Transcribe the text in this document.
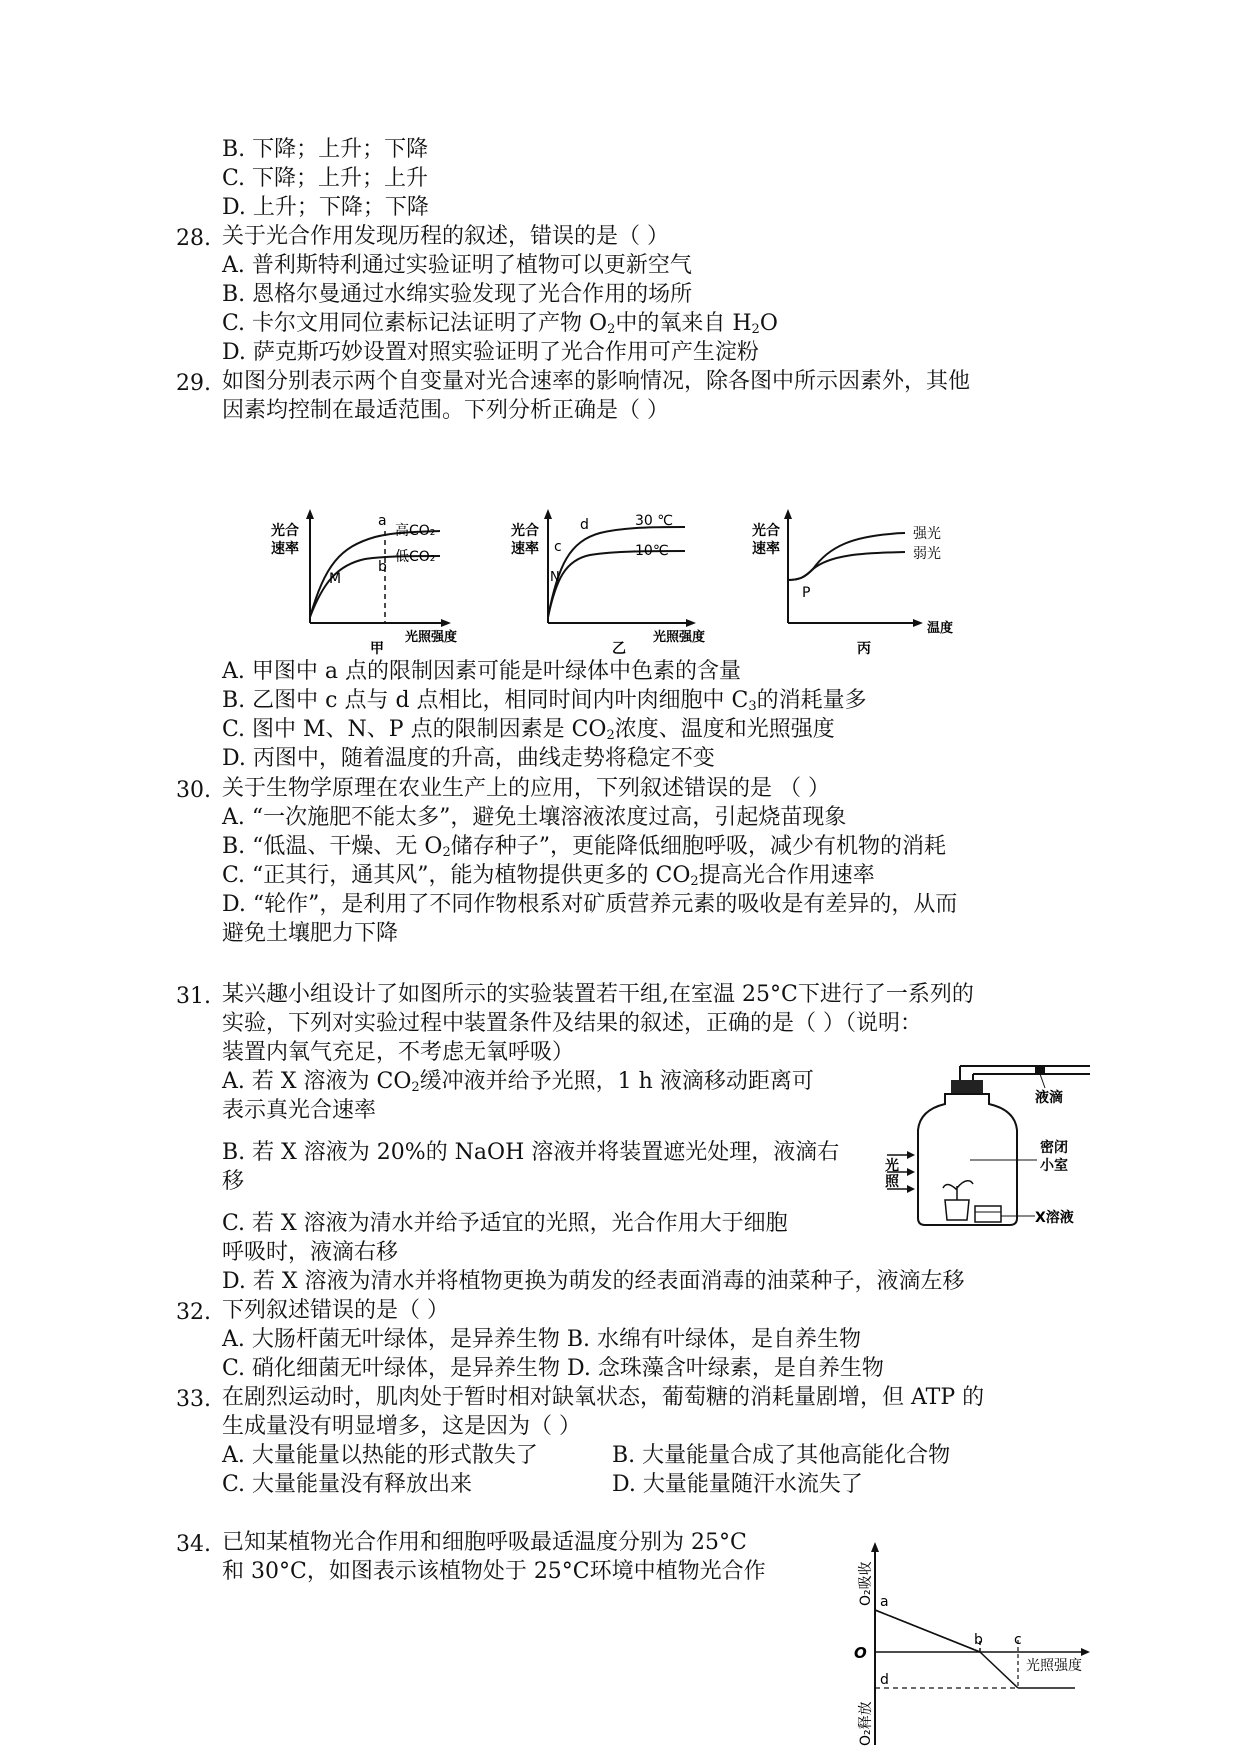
B. 下降；上升；下降
C. 下降；上升；上升
D. 上升；下降；下降
28. 关于光合作用发现历程的叙述，错误的是（ ）
A. 普利斯特利通过实验证明了植物可以更新空气
B. 恩格尔曼通过水绵实验发现了光合作用的场所
C. 卡尔文用同位素标记法证明了产物 $O_2$中的氧来自 $H_2O$
D. 萨克斯巧妙设置对照实验证明了光合作用可产生淀粉
29. 如图分别表示两个自变量对光合速率的影响情况，除各图中所示因素外，其他
因素均控制在最适范围。下列分析正确是（ ）
光合
速率
a
b
M
高CO₂
低CO₂
光照强度
甲
光合
速率
d
c
N
30 ℃
10℃
光照强度
乙
光合
速率
P
强光
弱光
温度
丙
A. 甲图中 a 点的限制因素可能是叶绿体中色素的含量
B. 乙图中 c 点与 d 点相比，相同时间内叶肉细胞中 $C_3$的消耗量多
C. 图中 M、N、P 点的限制因素是 $CO_2$浓度、温度和光照强度
D. 丙图中，随着温度的升高，曲线走势将稳定不变
30. 关于生物学原理在农业生产上的应用，下列叙述错误的是 （ ）
A. “一次施肥不能太多”，避免土壤溶液浓度过高，引起烧苗现象
B. “低温、干燥、无 $O_2$储存种子”，更能降低细胞呼吸，减少有机物的消耗
C. “正其行，通其风”，能为植物提供更多的 $CO_2$提高光合作用速率
D. “轮作”，是利用了不同作物根系对矿质营养元素的吸收是有差异的，从而
避免土壤肥力下降
31. 某兴趣小组设计了如图所示的实验装置若干组,在室温 25°C下进行了一系列的
实验，下列对实验过程中装置条件及结果的叙述，正确的是（ ）（说明：
装置内氧气充足，不考虑无氧呼吸）
A. 若 X 溶液为 $CO_2$缓冲液并给予光照，1 h 液滴移动距离可
表示真光合速率
B. 若 X 溶液为 20%的 NaOH 溶液并将装置遮光处理，液滴右
移
C. 若 X 溶液为清水并给予适宜的光照，光合作用大于细胞
呼吸时，液滴右移
D. 若 X 溶液为清水并将植物更换为萌发的经表面消毒的油菜种子，液滴左移
液滴
密闭
小室
X溶液
光
照
32. 下列叙述错误的是（ ）
A. 大肠杆菌无叶绿体，是异养生物 B. 水绵有叶绿体，是自养生物
C. 硝化细菌无叶绿体，是异养生物 D. 念珠藻含叶绿素，是自养生物
33. 在剧烈运动时，肌肉处于暂时相对缺氧状态，葡萄糖的消耗量剧增，但 ATP 的
生成量没有明显增多，这是因为（ ）
A. 大量能量以热能的形式散失了	B. 大量能量合成了其他高能化合物
C. 大量能量没有释放出来	D. 大量能量随汗水流失了
34. 已知某植物光合作用和细胞呼吸最适温度分别为 25°C
和 30°C，如图表示该植物处于 25°C环境中植物光合作	O₂吸收
O₂释放
O
a
b c
d
光照强度
